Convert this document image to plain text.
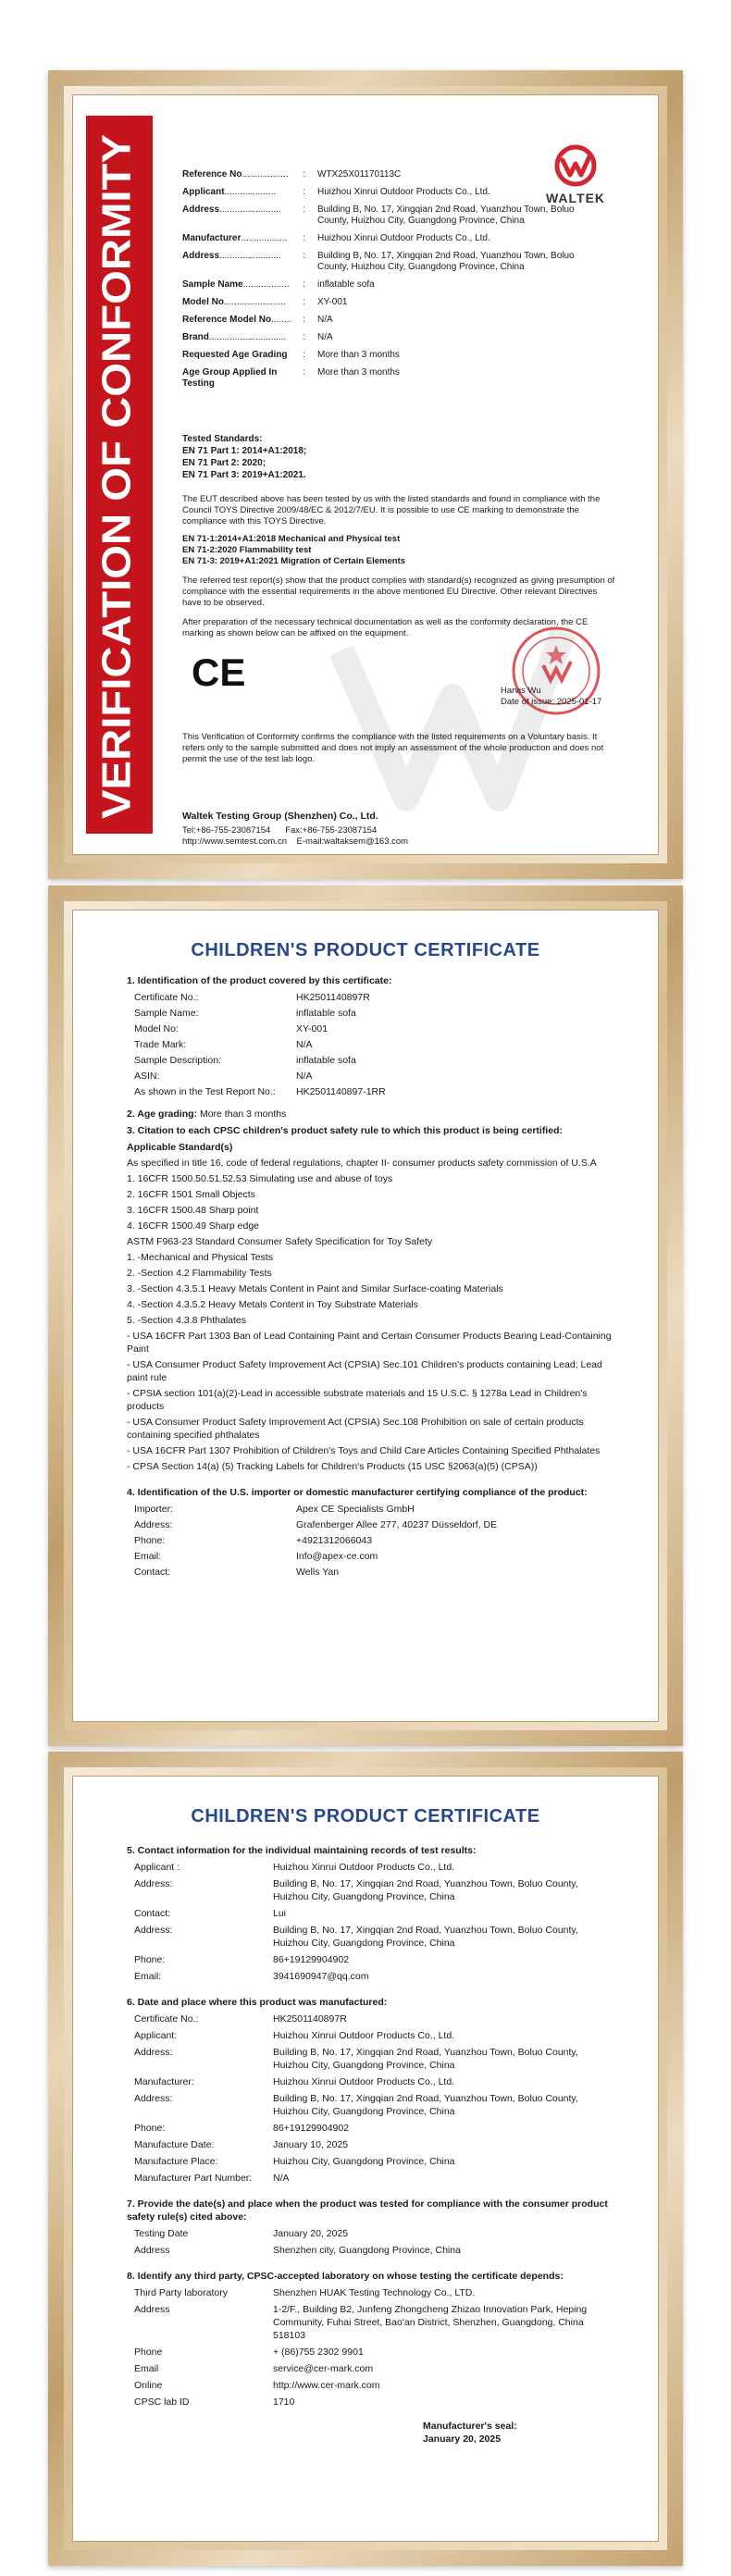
VERIFICATION OF CONFORMITY	WALTEK
Reference No..................	:	WTX25X01170113C
Applicant....................	:	Huizhou Xinrui Outdoor Products Co., Ltd.
Address........................	:	Building B, No. 17, Xingqian 2nd Road, Yuanzhou Town, Boluo County, Huizhou City, Guangdong Province, China
Manufacturer..................	:	Huizhou Xinrui Outdoor Products Co., Ltd.
Address........................	:	Building B, No. 17, Xingqian 2nd Road, Yuanzhou Town, Boluo County, Huizhou City, Guangdong Province, China
Sample Name..................	:	inflatable sofa
Model No........................	:	XY-001
Reference Model No........	:	N/A
Brand..............................	:	N/A
Requested Age Grading	:	More than 3 months
Age Group Applied In Testing
:	More than 3 months
Tested Standards:
EN 71 Part 1: 2014+A1:2018;
EN 71 Part 2: 2020;
EN 71 Part 3: 2019+A1:2021.
The EUT described above has been tested by us with the listed standards and found in compliance with the Council TOYS Directive 2009/48/EC & 2012/7/EU. It is possible to use CE marking to demonstrate the compliance with this TOYS Directive.
EN 71-1:2014+A1:2018 Mechanical and Physical test
EN 71-2:2020 Flammability test
EN 71-3: 2019+A1:2021 Migration of Certain Elements
The referred test report(s) show that the product complies with standard(s) recognized as giving presumption of compliance with the essential requirements in the above mentioned EU Directive. Other relevant Directives have to be observed.
After preparation of the necessary technical documentation as well as the conformity declaration, the CE marking as shown below can be affixed on the equipment.
CE	Harvis Wu
Date of issue: 2025-01-17
This Verification of Conformity confirms the compliance with the listed requirements on a Voluntary basis. It refers only to the sample submitted and does not imply an assessment of the whole production and does not permit the use of the test lab logo.
Waltek Testing Group (Shenzhen) Co., Ltd.
Tel:+86-755-23087154 Fax:+86-755-23087154
http://www.semtest.com.cn E-mail:waltaksem@163.com
CHILDREN'S PRODUCT CERTIFICATE
1. Identification of the product covered by this certificate:
Certificate No.:	HK2501140897R
Sample Name:	inflatable sofa
Model No:	XY-001
Trade Mark:	N/A
Sample Description:	inflatable sofa
ASIN:	N/A
As shown in the Test Report No.:	HK2501140897-1RR
2. Age grading: More than 3 months
3. Citation to each CPSC children's product safety rule to which this product is being certified:
Applicable Standard(s)
As specified in title 16, code of federal regulations, chapter II- consumer products safety commission of U.S.A
1. 16CFR 1500.50.51.52.53 Simulating use and abuse of toys
2. 16CFR 1501 Small Objects
3. 16CFR 1500.48 Sharp point
4. 16CFR 1500.49 Sharp edge
ASTM F963-23 Standard Consumer Safety Specification for Toy Safety
1. -Mechanical and Physical Tests
2. -Section 4.2 Flammability Tests
3. -Section 4.3.5.1 Heavy Metals Content in Paint and Similar Surface-coating Materials
4. -Section 4.3.5.2 Heavy Metals Content in Toy Substrate Materials
5. -Section 4.3.8 Phthalates
- USA 16CFR Part 1303 Ban of Lead Containing Paint and Certain Consumer Products Bearing Lead-Containing Paint
- USA Consumer Product Safety Improvement Act (CPSIA) Sec.101 Children's products containing Lead; Lead paint rule
- CPSIA section 101(a)(2)-Lead in accessible substrate materials and 15 U.S.C. § 1278a Lead in Children's products
- USA Consumer Product Safety Improvement Act (CPSIA) Sec.108 Prohibition on sale of certain products containing specified phthalates
- USA 16CFR Part 1307 Prohibition of Children's Toys and Child Care Articles Containing Specified Phthalates
- CPSA Section 14(a) (5) Tracking Labels for Children's Products (15 USC §2063(a)(5) (CPSA))
4. Identification of the U.S. importer or domestic manufacturer certifying compliance of the product:
Importer:	Apex CE Specialists GmbH
Address:	Grafenberger Allee 277, 40237 Düsseldorf, DE
Phone:	+4921312066043
Email:	Info@apex-ce.com
Contact:	Wells Yan
CHILDREN'S PRODUCT CERTIFICATE
5. Contact information for the individual maintaining records of test results:
Applicant :	Huizhou Xinrui Outdoor Products Co., Ltd.
Address:	Building B, No. 17, Xingqian 2nd Road, Yuanzhou Town, Boluo County, Huizhou City, Guangdong Province, China
Contact:	Lui
Address:	Building B, No. 17, Xingqian 2nd Road, Yuanzhou Town, Boluo County, Huizhou City, Guangdong Province, China
Phone:	86+19129904902
Email:	3941690947@qq.com
6. Date and place where this product was manufactured:
Certificate No.:	HK2501140897R
Applicant:	Huizhou Xinrui Outdoor Products Co., Ltd.
Address:	Building B, No. 17, Xingqian 2nd Road, Yuanzhou Town, Boluo County, Huizhou City, Guangdong Province, China
Manufacturer:	Huizhou Xinrui Outdoor Products Co., Ltd.
Address:	Building B, No. 17, Xingqian 2nd Road, Yuanzhou Town, Boluo County, Huizhou City, Guangdong Province, China
Phone:	86+19129904902
Manufacture Date:	January 10, 2025
Manufacture Place:	Huizhou City, Guangdong Province, China
Manufacturer Part Number:	N/A
7. Provide the date(s) and place when the product was tested for compliance with the consumer product safety rule(s) cited above:
Testing Date	January 20, 2025
Address	Shenzhen city, Guangdong Province, China
8. Identify any third party, CPSC-accepted laboratory on whose testing the certificate depends:
Third Party laboratory	Shenzhen HUAK Testing Technology Co., LTD.
Address	1-2/F., Building B2, Junfeng Zhongcheng Zhizao Innovation Park, Heping Community, Fuhai Street, Bao'an District, Shenzhen, Guangdong, China 518103
Phone	+ (86)755 2302 9901
Email	service@cer-mark.com
Online	http://www.cer-mark.com
CPSC lab ID	1710
Manufacturer's seal:
January 20, 2025
